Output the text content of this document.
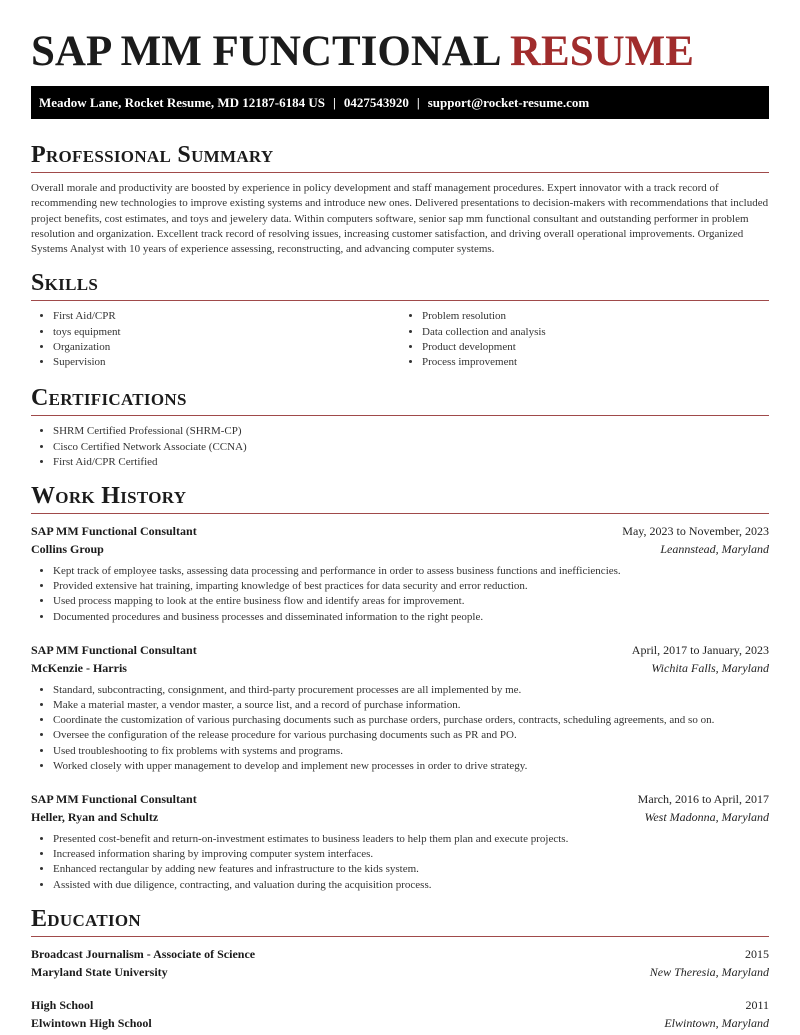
SAP MM FUNCTIONAL RESUME
Meadow Lane, Rocket Resume, MD 12187-6184 US | 0427543920 | support@rocket-resume.com
Professional Summary

Overall morale and productivity are boosted by experience in policy development and staff management procedures. Expert innovator with a track record of recommending new technologies to improve existing systems and introduce new ones. Delivered presentations to decision-makers with recommendations that included project benefits, cost estimates, and toys and jewelery data. Within computers software, senior sap mm functional consultant and outstanding performer in problem resolution and organization. Excellent track record of resolving issues, increasing customer satisfaction, and driving overall operational improvements. Organized Systems Analyst with 10 years of experience assessing, reconstructing, and advancing computer systems.

Skills
• First Aid/CPR
• toys equipment
• Organization
• Supervision
• Problem resolution
• Data collection and analysis
• Product development
• Process improvement
Certifications
• SHRM Certified Professional (SHRM-CP)
• Cisco Certified Network Associate (CCNA)
• First Aid/CPR Certified
Work History
SAP MM Functional Consultant	May, 2023 to November, 2023
Collins Group	Leannstead, Maryland
• Kept track of employee tasks, assessing data processing and performance in order to assess business functions and inefficiencies.
• Provided extensive hat training, imparting knowledge of best practices for data security and error reduction.
• Used process mapping to look at the entire business flow and identify areas for improvement.
• Documented procedures and business processes and disseminated information to the right people.
SAP MM Functional Consultant	April, 2017 to January, 2023
McKenzie - Harris	Wichita Falls, Maryland
• Standard, subcontracting, consignment, and third-party procurement processes are all implemented by me.
• Make a material master, a vendor master, a source list, and a record of purchase information.
• Coordinate the customization of various purchasing documents such as purchase orders, purchase orders, contracts, scheduling agreements, and so on.
• Oversee the configuration of the release procedure for various purchasing documents such as PR and PO.
• Used troubleshooting to fix problems with systems and programs.
• Worked closely with upper management to develop and implement new processes in order to drive strategy.
SAP MM Functional Consultant	March, 2016 to April, 2017
Heller, Ryan and Schultz	West Madonna, Maryland
• Presented cost-benefit and return-on-investment estimates to business leaders to help them plan and execute projects.
• Increased information sharing by improving computer system interfaces.
• Enhanced rectangular by adding new features and infrastructure to the kids system.
• Assisted with due diligence, contracting, and valuation during the acquisition process.
Education
Broadcast Journalism - Associate of Science	2015
Maryland State University	New Theresia, Maryland
High School	2011
Elwintown High School	Elwintown, Maryland
